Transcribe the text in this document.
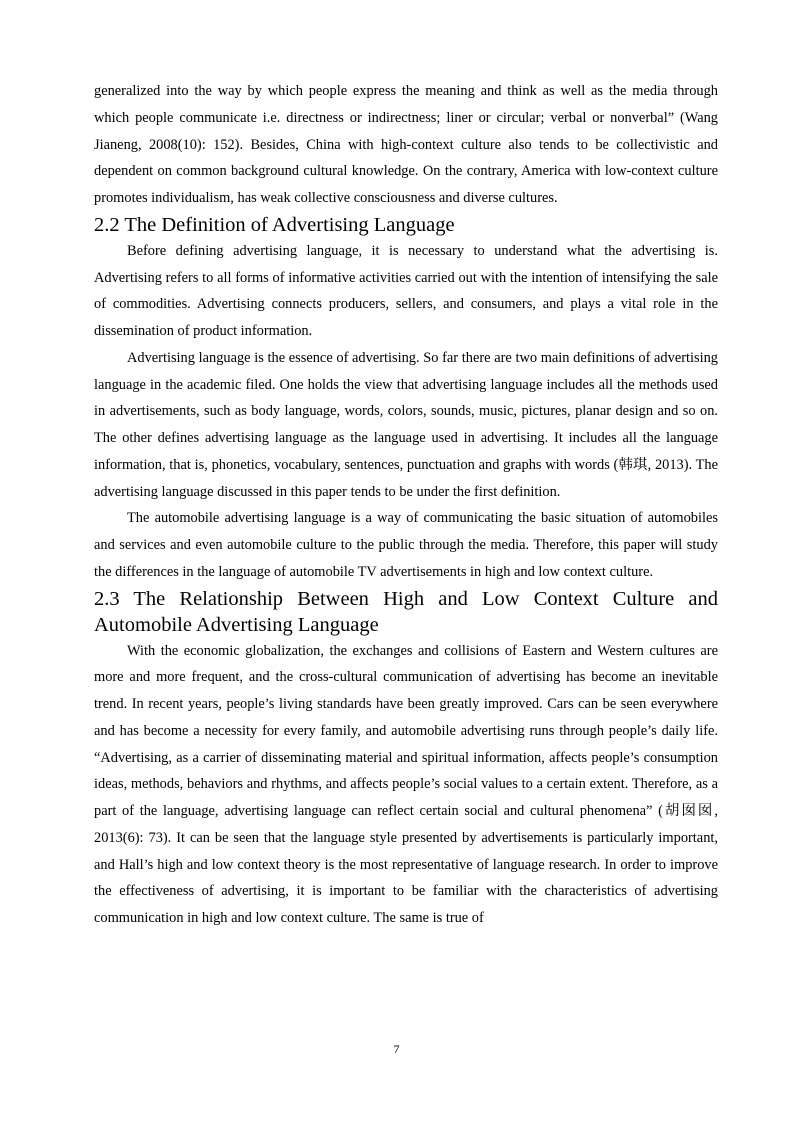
generalized into the way by which people express the meaning and think as well as the media through which people communicate i.e. directness or indirectness; liner or circular; verbal or nonverbal” (Wang Jianeng, 2008(10): 152). Besides, China with high-context culture also tends to be collectivistic and dependent on common background cultural knowledge. On the contrary, America with low-context culture promotes individualism, has weak collective consciousness and diverse cultures.

2.2 The Definition of Advertising Language

Before defining advertising language, it is necessary to understand what the advertising is. Advertising refers to all forms of informative activities carried out with the intention of intensifying the sale of commodities. Advertising connects producers, sellers, and consumers, and plays a vital role in the dissemination of product information.

Advertising language is the essence of advertising. So far there are two main definitions of advertising language in the academic filed. One holds the view that advertising language includes all the methods used in advertisements, such as body language, words, colors, sounds, music, pictures, planar design and so on. The other defines advertising language as the language used in advertising. It includes all the language information, that is, phonetics, vocabulary, sentences, punctuation and graphs with words (韩琪, 2013). The advertising language discussed in this paper tends to be under the first definition.

The automobile advertising language is a way of communicating the basic situation of automobiles and services and even automobile culture to the public through the media. Therefore, this paper will study the differences in the language of automobile TV advertisements in high and low context culture.

2.3 The Relationship Between High and Low Context Culture and Automobile Advertising Language

With the economic globalization, the exchanges and collisions of Eastern and Western cultures are more and more frequent, and the cross-cultural communication of advertising has become an inevitable trend. In recent years, people’s living standards have been greatly improved. Cars can be seen everywhere and has become a necessity for every family, and automobile advertising runs through people’s daily life. “Advertising, as a carrier of disseminating material and spiritual information, affects people’s consumption ideas, methods, behaviors and rhythms, and affects people’s social values to a certain extent. Therefore, as a part of the language, advertising language can reflect certain social and cultural phenomena” (胡囡囡, 2013(6): 73). It can be seen that the language style presented by advertisements is particularly important, and Hall’s high and low context theory is the most representative of language research. In order to improve the effectiveness of advertising, it is important to be familiar with the characteristics of advertising communication in high and low context culture. The same is true of

7
